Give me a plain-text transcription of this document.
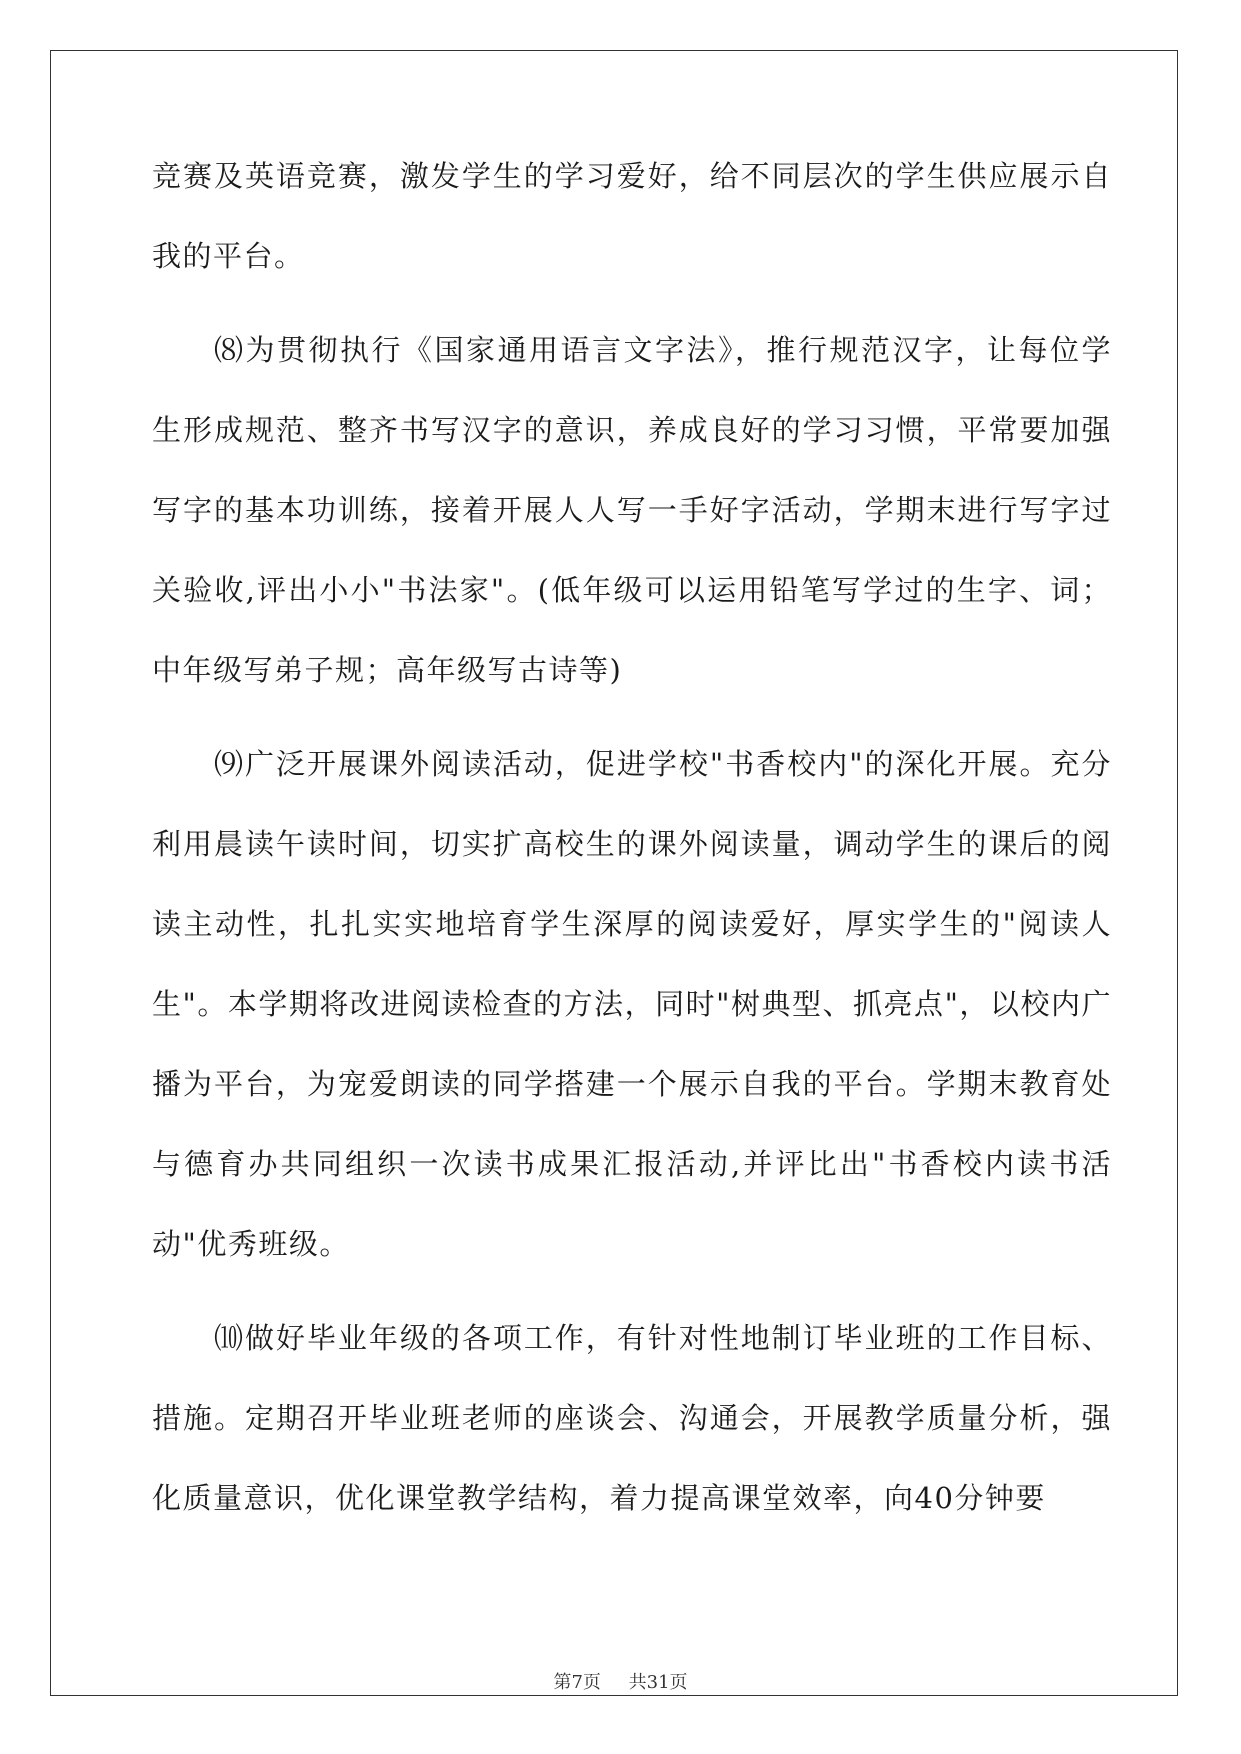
竞赛及英语竞赛，激发学生的学习爱好，给不同层次的学生供应展示自我的平台。

⑻为贯彻执行《国家通用语言文字法》，推行规范汉字，让每位学生形成规范、整齐书写汉字的意识，养成良好的学习习惯，平常要加强写字的基本功训练，接着开展人人写一手好字活动，学期末进行写字过关验收,评出小小"书法家"。(低年级可以运用铅笔写学过的生字、词；中年级写弟子规；高年级写古诗等)

⑼广泛开展课外阅读活动，促进学校"书香校内"的深化开展。充分利用晨读午读时间，切实扩高校生的课外阅读量，调动学生的课后的阅读主动性，扎扎实实地培育学生深厚的阅读爱好，厚实学生的"阅读人生"。本学期将改进阅读检查的方法，同时"树典型、抓亮点"，以校内广播为平台，为宠爱朗读的同学搭建一个展示自我的平台。学期末教育处与德育办共同组织一次读书成果汇报活动,并评比出"书香校内读书活动"优秀班级。

⑽做好毕业年级的各项工作，有针对性地制订毕业班的工作目标、措施。定期召开毕业班老师的座谈会、沟通会，开展教学质量分析，强化质量意识，优化课堂教学结构，着力提高课堂效率，向40分钟要

第7页 共31页
